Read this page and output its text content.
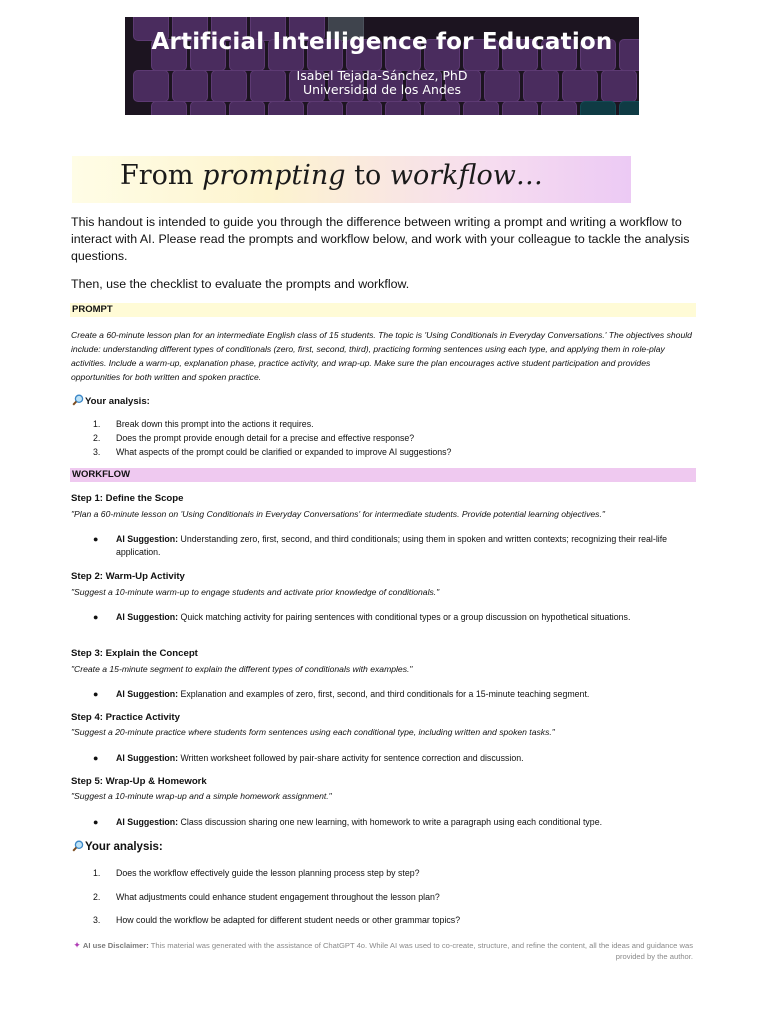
Artificial Intelligence for Education
Isabel Tejada-Sánchez, PhD
Universidad de los Andes
From prompting to workflow…
This handout is intended to guide you through the difference between writing a prompt and writing a workflow to interact with AI. Please read the prompts and workflow below, and work with your colleague to tackle the analysis questions.
Then, use the checklist to evaluate the prompts and workflow.
PROMPT
Create a 60-minute lesson plan for an intermediate English class of 15 students. The topic is 'Using Conditionals in Everyday Conversations.' The objectives should include: understanding different types of conditionals (zero, first, second, third), practicing forming sentences using each type, and applying them in role-play activities. Include a warm-up, explanation phase, practice activity, and wrap-up. Make sure the plan encourages active student participation and provides opportunities for both written and spoken practice.
Your analysis:
1. Break down this prompt into the actions it requires.
2. Does the prompt provide enough detail for a precise and effective response?
3. What aspects of the prompt could be clarified or expanded to improve AI suggestions?
WORKFLOW
Step 1: Define the Scope
"Plan a 60-minute lesson on 'Using Conditionals in Everyday Conversations' for intermediate students. Provide potential learning objectives."
● AI Suggestion: Understanding zero, first, second, and third conditionals; using them in spoken and written contexts; recognizing their real-life application.
Step 2: Warm-Up Activity
"Suggest a 10-minute warm-up to engage students and activate prior knowledge of conditionals."
● AI Suggestion: Quick matching activity for pairing sentences with conditional types or a group discussion on hypothetical situations.
Step 3: Explain the Concept
"Create a 15-minute segment to explain the different types of conditionals with examples."
● AI Suggestion: Explanation and examples of zero, first, second, and third conditionals for a 15-minute teaching segment.
Step 4: Practice Activity
"Suggest a 20-minute practice where students form sentences using each conditional type, including written and spoken tasks."
● AI Suggestion: Written worksheet followed by pair-share activity for sentence correction and discussion.
Step 5: Wrap-Up & Homework
"Suggest a 10-minute wrap-up and a simple homework assignment."
● AI Suggestion: Class discussion sharing one new learning, with homework to write a paragraph using each conditional type.
Your analysis:
1. Does the workflow effectively guide the lesson planning process step by step?
2. What adjustments could enhance student engagement throughout the lesson plan?
3. How could the workflow be adapted for different student needs or other grammar topics?
✦ AI use Disclaimer: This material was generated with the assistance of ChatGPT 4o. While AI was used to co-create, structure, and refine the content, all the ideas and guidance was provided by the author.
